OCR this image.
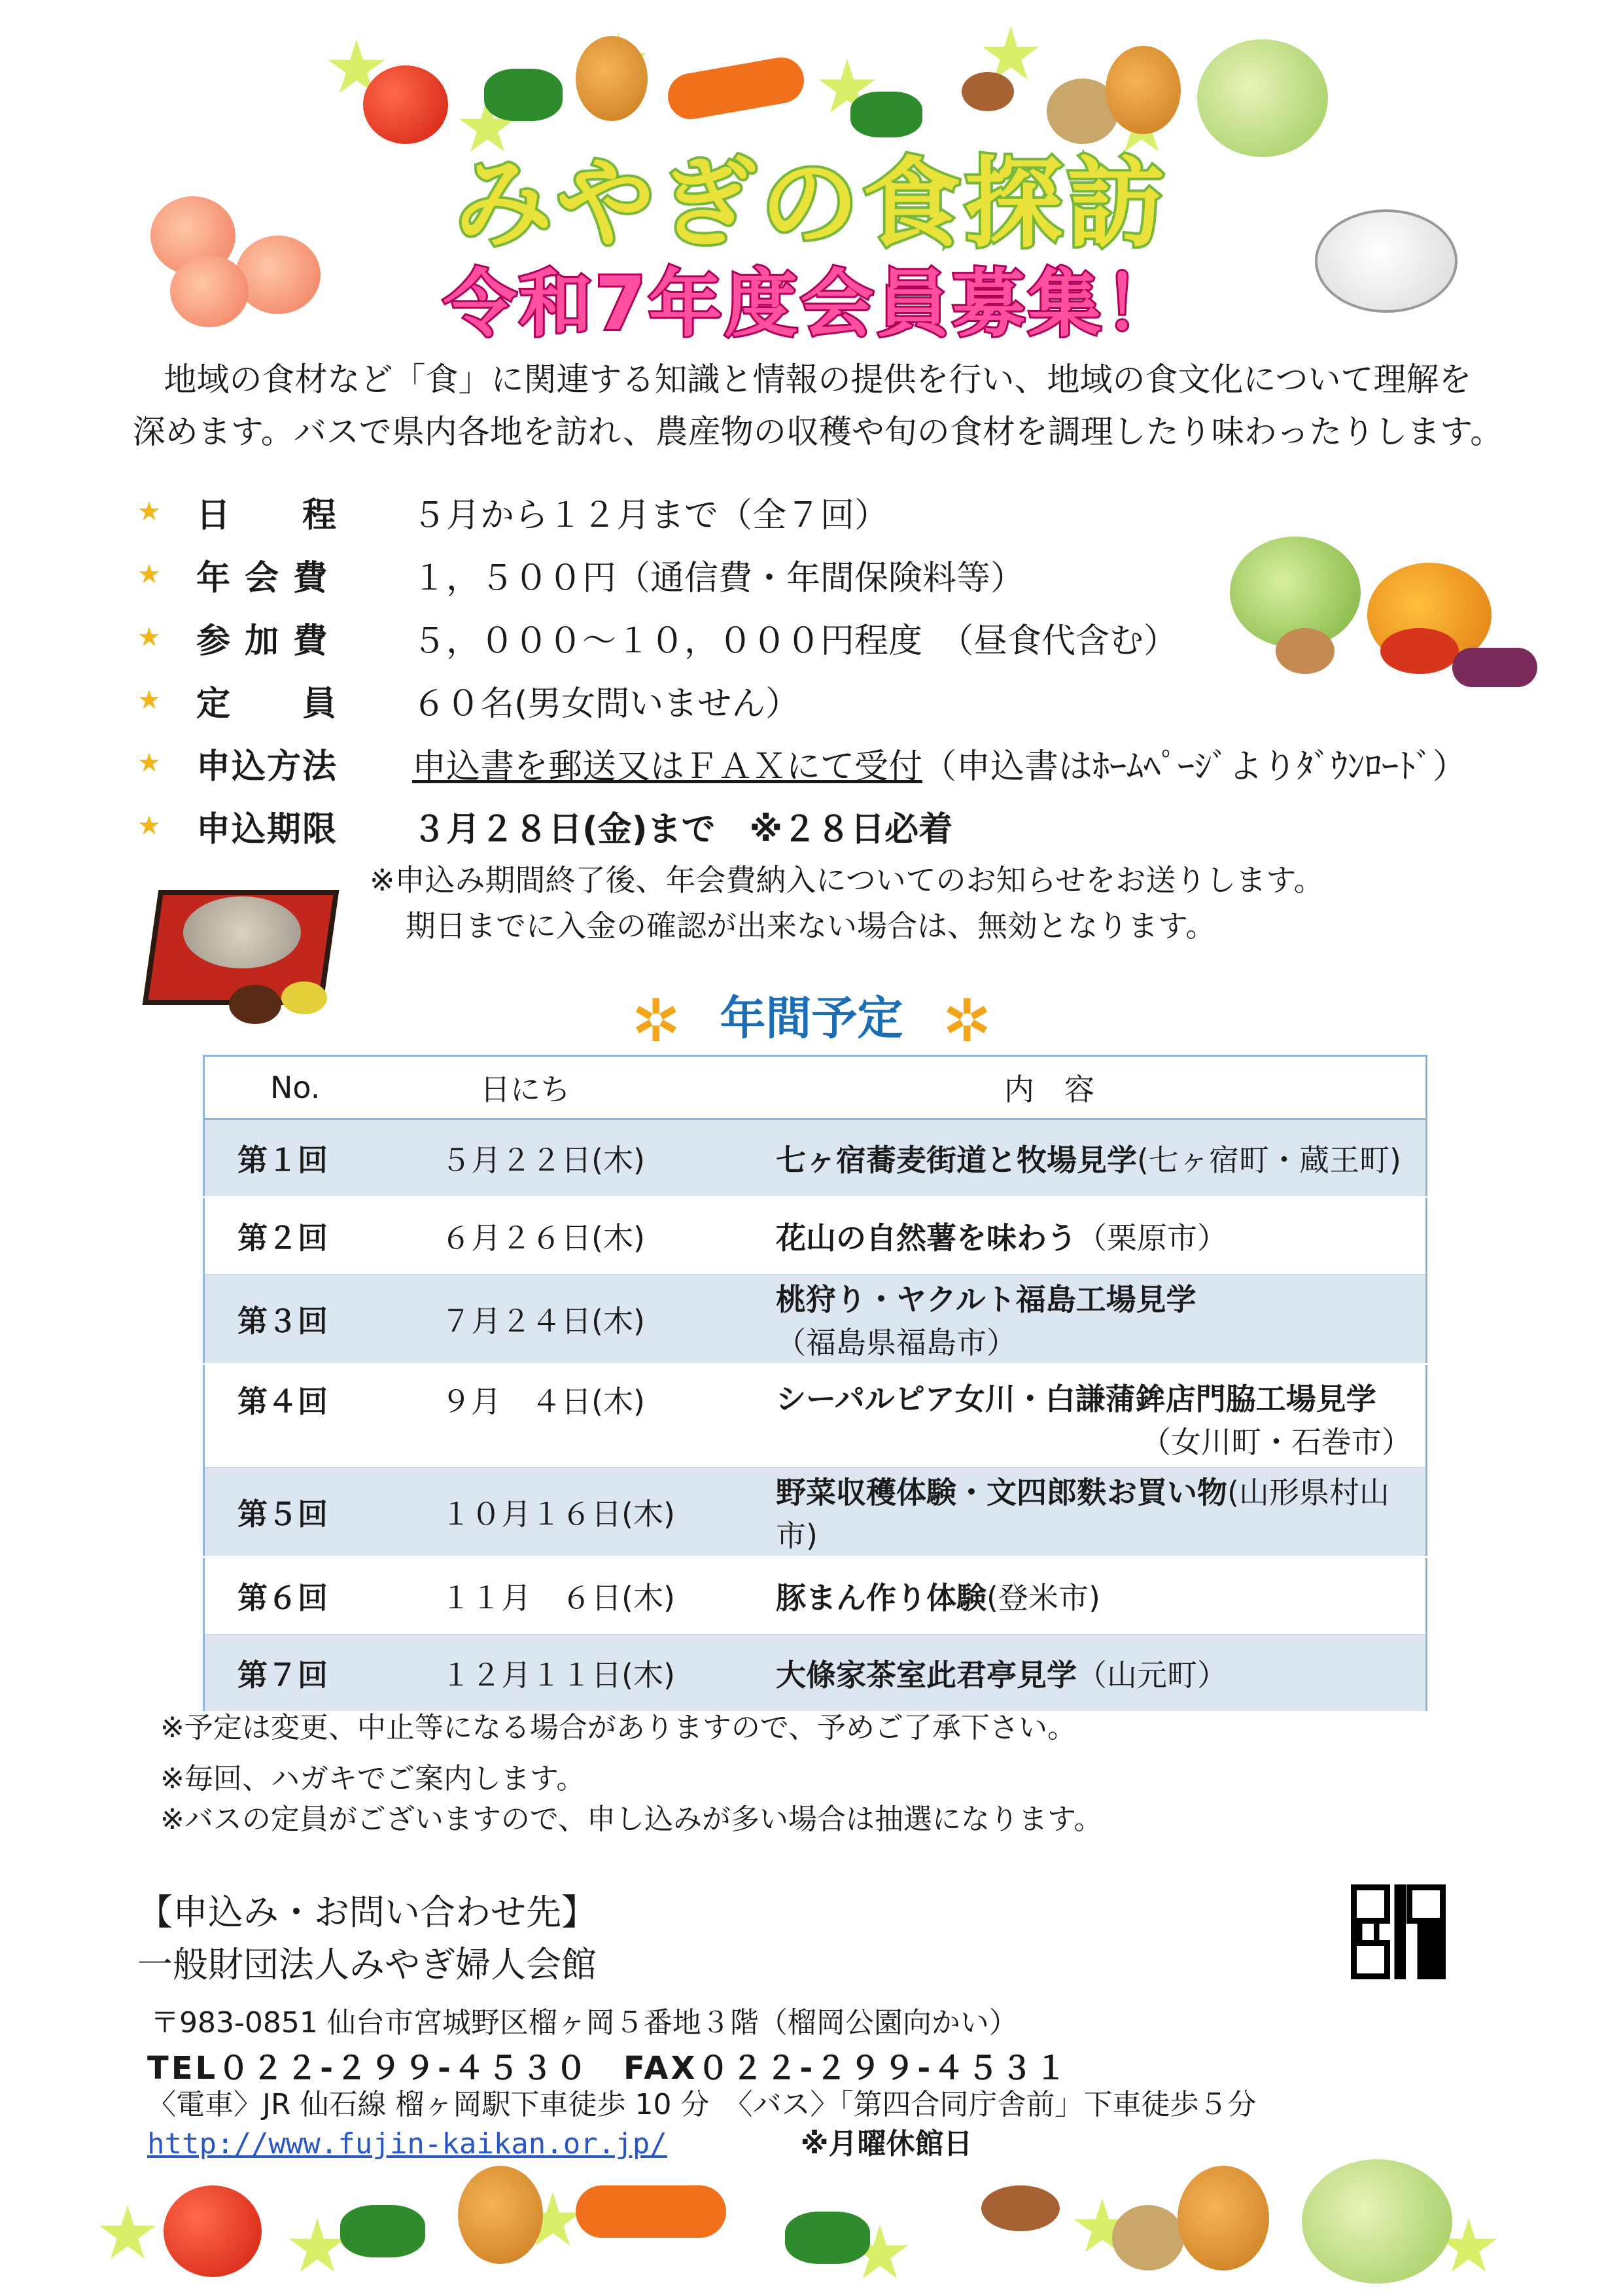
みやぎの食探訪
令和7年度会員募集！
地域の食材など「食」に関連する知識と情報の提供を行い、地域の食文化について理解を
深めます。バスで県内各地を訪れ、農産物の収穫や旬の食材を調理したり味わったりします。
★	日　　程	５月から１２月まで（全７回）
★	年 会 費	１，５００円（通信費・年間保険料等）
★	参 加 費	５，０００～１０，０００円程度　（昼食代含む）
★	定　　員	６０名(男女問いません）
★	申込方法	申込書を郵送又はＦＡＸにて受付 （申込書はﾎｰﾑﾍﾟｰｼﾞよりﾀﾞｳﾝﾛｰﾄﾞ）
★	申込期限	３月２８日(金)まで　※２８日必着
※申込み期間終了後、年会費納入についてのお知らせをお送りします。
期日までに入金の確認が出来ない場合は、無効となります。
✲ 年間予定 ✲
No.	日にち	内　容
第１回	５月２２日(木)	七ヶ宿蕎麦街道と牧場見学(七ヶ宿町・蔵王町)
第２回	６月２６日(木)	花山の自然薯を味わう（栗原市）
第３回	７月２４日(木)	桃狩り・ヤクルト福島工場見学（福島県福島市）
第４回	９月　４日(木)	シーパルピア女川・白謙蒲鉾店門脇工場見学
（女川町・石巻市）

第５回	１０月１６日(木)	野菜収穫体験・文四郎麩お買い物(山形県村山市)
第６回	１１月　６日(木)	豚まん作り体験(登米市)
第７回	１２月１１日(木)	大條家茶室此君亭見学（山元町）
※予定は変更、中止等になる場合がありますので、予めご了承下さい。
※毎回、ハガキでご案内します。
※バスの定員がございますので、申し込みが多い場合は抽選になります。
【申込み・お問い合わせ先】
一般財団法人みやぎ婦人会館
〒983-0851 仙台市宮城野区榴ヶ岡５番地３階（榴岡公園向かい）
TEL０２２-２９９-４５３０　FAX０２２-２９９-４５３１
〈電車〉JR 仙石線 榴ヶ岡駅下車徒歩 10 分　〈バス〉「第四合同庁舎前」下車徒歩５分
http://www.fujin-kaikan.or.jp/	※月曜休館日
